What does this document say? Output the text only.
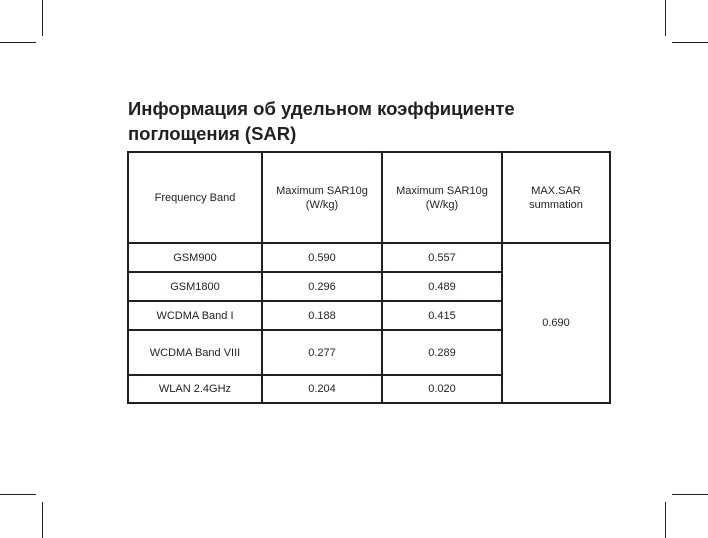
Информация об удельном коэффициенте
поглощения (SAR)
Frequency Band	Maximum SAR10g (W/kg)	Maximum SAR10g (W/kg)	MAX.SAR summation
GSM900	0.590	0.557	0.690
GSM1800	0.296	0.489	
WCDMA Band I	0.188	0.415	
WCDMA Band VIII	0.277	0.289	
WLAN 2.4GHz	0.204	0.020	
